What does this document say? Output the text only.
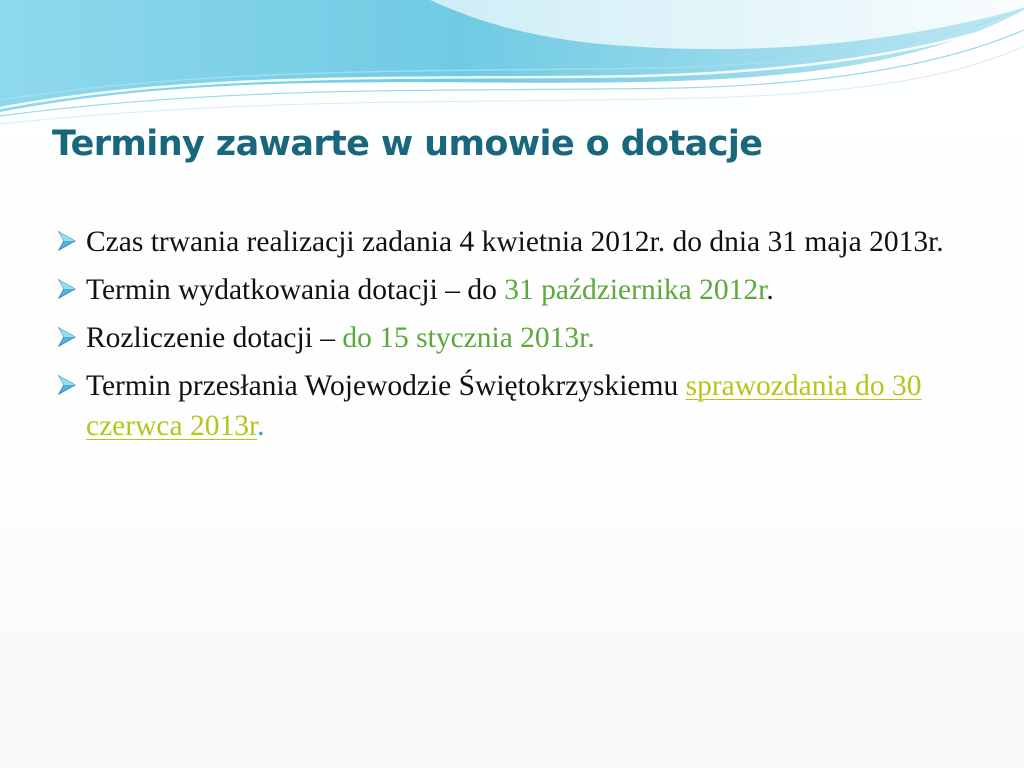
Terminy zawarte w umowie o dotacje
Czas trwania realizacji zadania 4 kwietnia 2012r. do dnia 31 maja 2013r.
Termin wydatkowania dotacji – do 31 października 2012r.
Rozliczenie dotacji – do 15 stycznia 2013r.
Termin przesłania Wojewodzie Świętokrzyskiemu sprawozdania do 30 czerwca 2013r.
